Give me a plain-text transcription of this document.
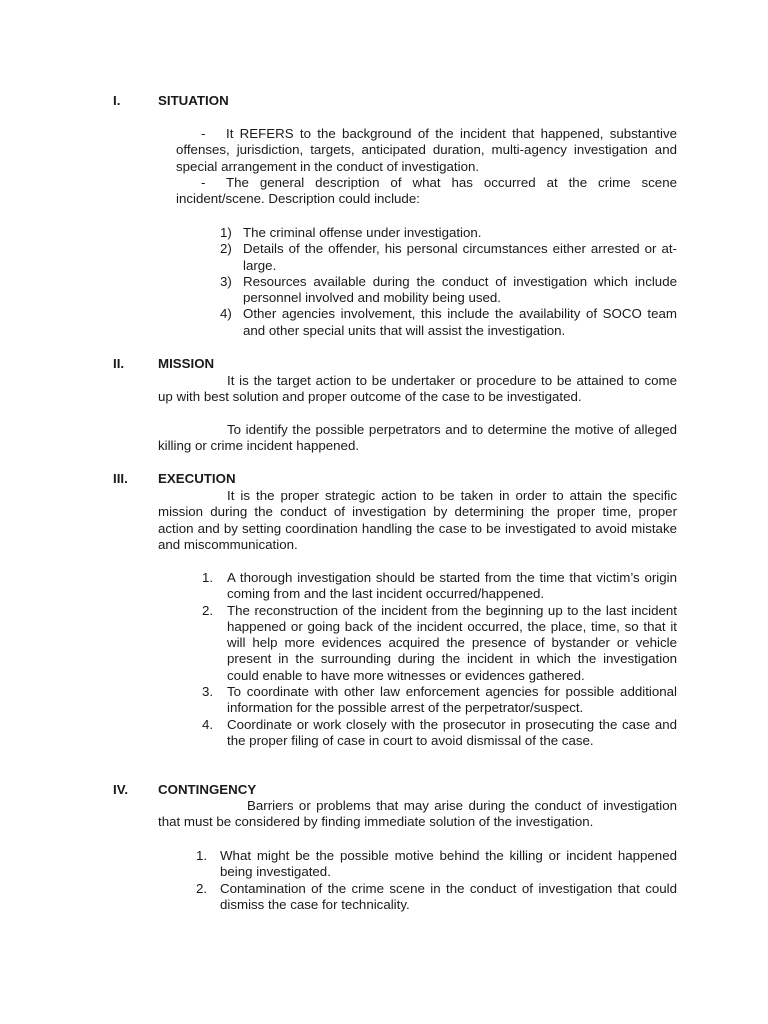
I.	SITUATION

- It REFERS to the background of the incident that happened, substantive offenses, jurisdiction, targets, anticipated duration, multi-agency investigation and special arrangement in the conduct of investigation.

- The general description of what has occurred at the crime scene incident/scene. Description could include:

1) The criminal offense under investigation.
2) Details of the offender, his personal circumstances either arrested or at-large.
3) Resources available during the conduct of investigation which include personnel involved and mobility being used.
4) Other agencies involvement, this include the availability of SOCO team and other special units that will assist the investigation.
II.	MISSION

It is the target action to be undertaker or procedure to be attained to come up with best solution and proper outcome of the case to be investigated.

To identify the possible perpetrators and to determine the motive of alleged killing or crime incident happened.

III. EXECUTION

It is the proper strategic action to be taken in order to attain the specific mission during the conduct of investigation by determining the proper time, proper action and by setting coordination handling the case to be investigated to avoid mistake and miscommunication.

1. A thorough investigation should be started from the time that victim’s origin coming from and the last incident occurred/happened.
2. The reconstruction of the incident from the beginning up to the last incident happened or going back of the incident occurred, the place, time, so that it will help more evidences acquired the presence of bystander or vehicle present in the surrounding during the incident in which the investigation could enable to have more witnesses or evidences gathered.
3. To coordinate with other law enforcement agencies for possible additional information for the possible arrest of the perpetrator/suspect.
4. Coordinate or work closely with the prosecutor in prosecuting the case and the proper filing of case in court to avoid dismissal of the case.
IV. CONTINGENCY

Barriers or problems that may arise during the conduct of investigation that must be considered by finding immediate solution of the investigation.

1. What might be the possible motive behind the killing or incident happened being investigated.
2. Contamination of the crime scene in the conduct of investigation that could dismiss the case for technicality.
